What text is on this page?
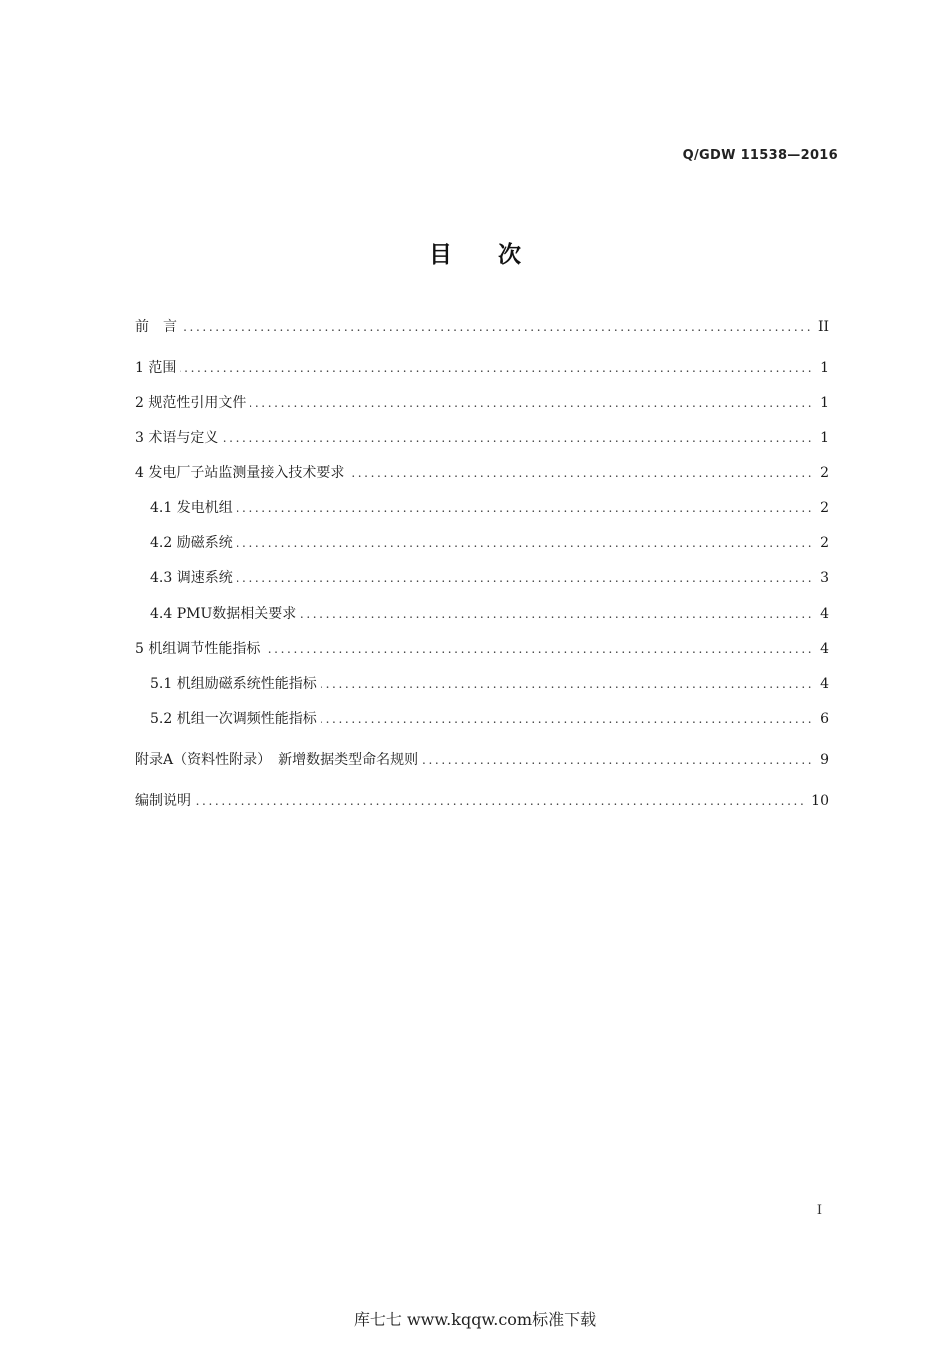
Q/GDW 11538—2016
目次
前　言 . . .	II
1 范围 . . .	1
2 规范性引用文件 . . .	1
3 术语与定义 . . .	1
4 发电厂子站监测量接入技术要求 . . .	2
4.1 发电机组 . . .	2
4.2 励磁系统 . . .	2
4.3 调速系统 . . .	3
4.4 PMU数据相关要求 . . .	4
5 机组调节性能指标 . . .	4
5.1 机组励磁系统性能指标 . . .	4
5.2 机组一次调频性能指标 . . .	6
附录A（资料性附录）　新增数据类型命名规则 . . .	9
编制说明 . . .	10
I
库七七 www.kqqw.com标准下载
